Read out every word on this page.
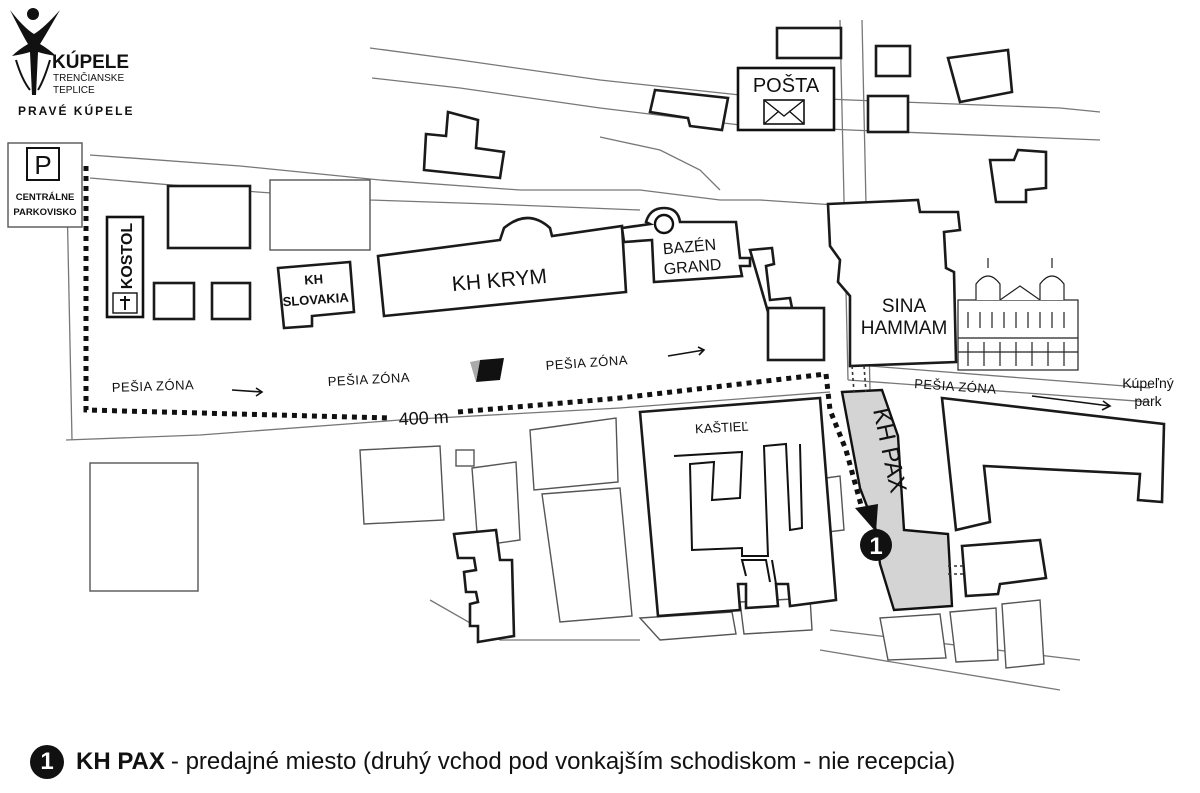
KÚPELE
TRENČIANSKE
TEPLICE
PRAVÉ KÚPELE
P
CENTRÁLNE
PARKOVISKO
POŠTA
KOSTOL	KH
SLOVAKIA
KH KRYM
BAZÉN
GRAND
SINA
HAMMAM
KAŠTIEĽ	KH PAX
400 m
PEŠIA ZÓNA	PEŠIA ZÓNA
PEŠIA ZÓNA
PEŠIA ZÓNA	Kúpeľný
park
1
1 KH PAX - predajné miesto (druhý vchod pod vonkajším schodiskom - nie recepcia)
